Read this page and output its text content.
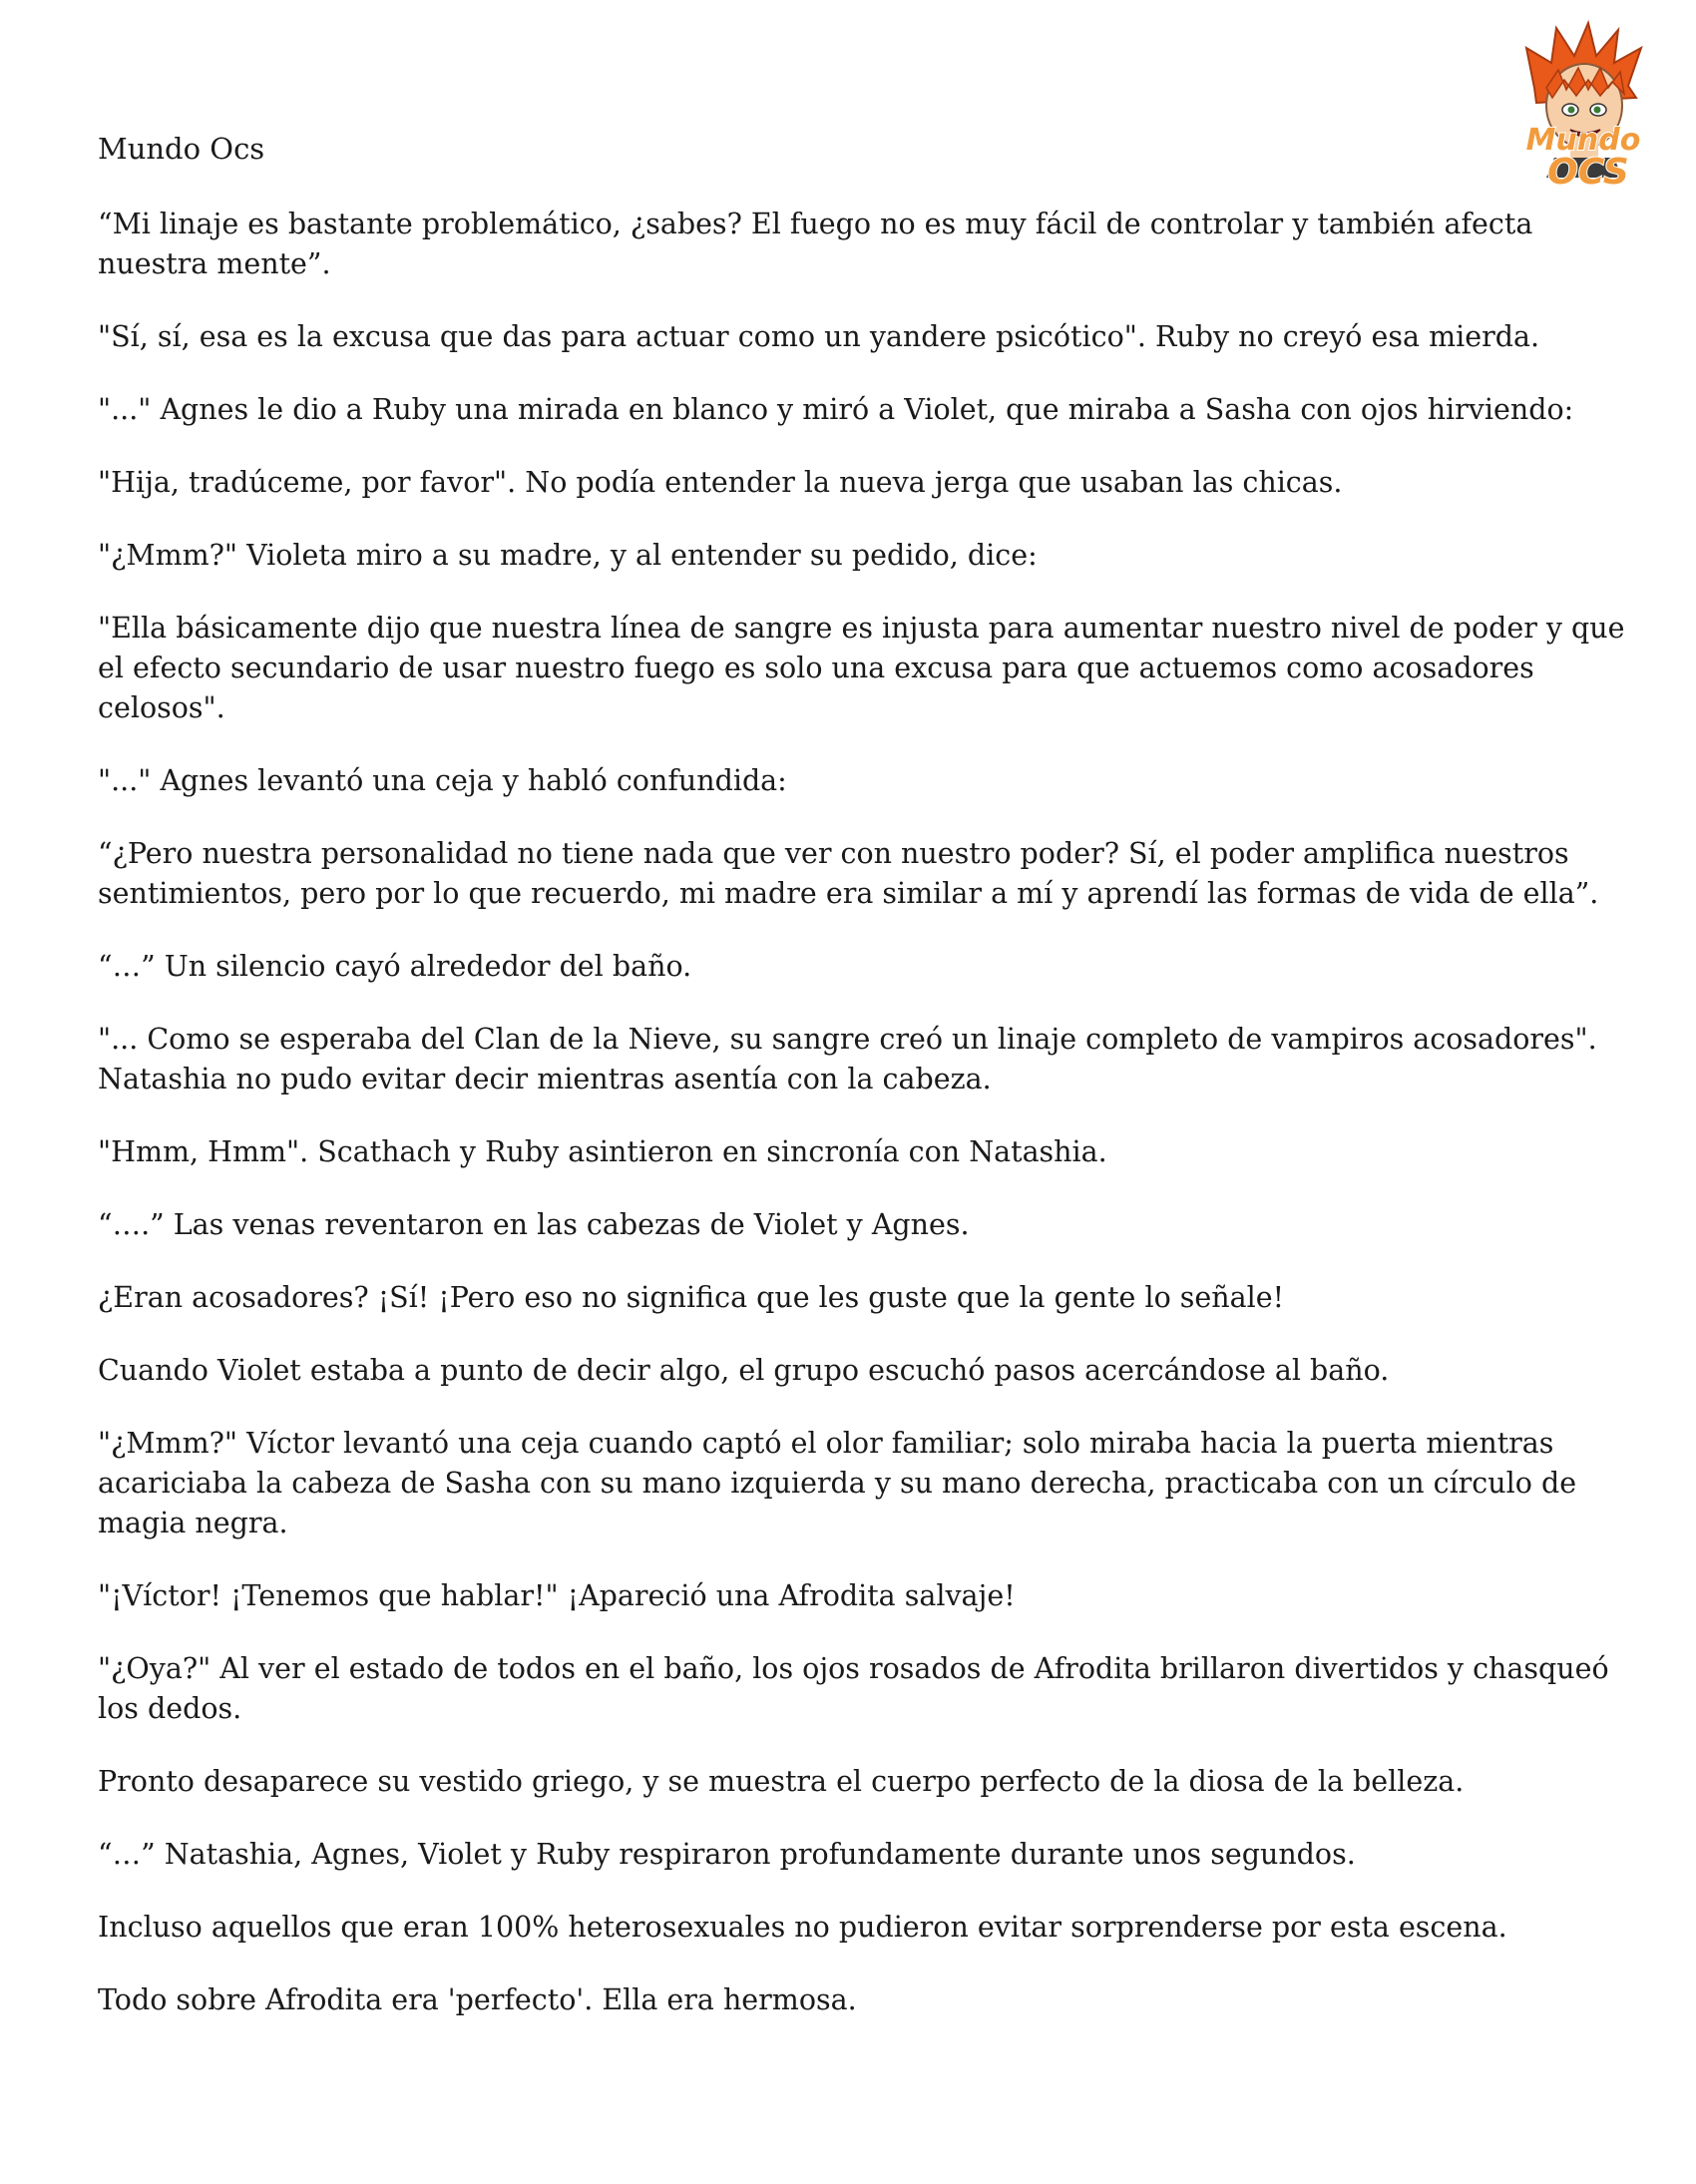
Mundo Ocs	Mundo
OCS

“Mi linaje es bastante problemático, ¿sabes? El fuego no es muy fácil de controlar y también afecta nuestra mente”.

"Sí, sí, esa es la excusa que das para actuar como un yandere psicótico". Ruby no creyó esa mierda.

"..." Agnes le dio a Ruby una mirada en blanco y miró a Violet, que miraba a Sasha con ojos hirviendo:

"Hija, tradúceme, por favor". No podía entender la nueva jerga que usaban las chicas.

"¿Mmm?" Violeta miro a su madre, y al entender su pedido, dice:

"Ella básicamente dijo que nuestra línea de sangre es injusta para aumentar nuestro nivel de poder y que el efecto secundario de usar nuestro fuego es solo una excusa para que actuemos como acosadores celosos".

"..." Agnes levantó una ceja y habló confundida:

“¿Pero nuestra personalidad no tiene nada que ver con nuestro poder? Sí, el poder amplifica nuestros sentimientos, pero por lo que recuerdo, mi madre era similar a mí y aprendí las formas de vida de ella”.

“…” Un silencio cayó alrededor del baño.

"... Como se esperaba del Clan de la Nieve, su sangre creó un linaje completo de vampiros acosadores". Natashia no pudo evitar decir mientras asentía con la cabeza.

"Hmm, Hmm". Scathach y Ruby asintieron en sincronía con Natashia.

“….” Las venas reventaron en las cabezas de Violet y Agnes.

¿Eran acosadores? ¡Sí! ¡Pero eso no significa que les guste que la gente lo señale!

Cuando Violet estaba a punto de decir algo, el grupo escuchó pasos acercándose al baño.

"¿Mmm?" Víctor levantó una ceja cuando captó el olor familiar; solo miraba hacia la puerta mientras acariciaba la cabeza de Sasha con su mano izquierda y su mano derecha, practicaba con un círculo de magia negra.

"¡Víctor! ¡Tenemos que hablar!" ¡Apareció una Afrodita salvaje!

"¿Oya?" Al ver el estado de todos en el baño, los ojos rosados de Afrodita brillaron divertidos y chasqueó los dedos.

Pronto desaparece su vestido griego, y se muestra el cuerpo perfecto de la diosa de la belleza.

“…” Natashia, Agnes, Violet y Ruby respiraron profundamente durante unos segundos.

Incluso aquellos que eran 100% heterosexuales no pudieron evitar sorprenderse por esta escena.

Todo sobre Afrodita era 'perfecto'. Ella era hermosa.
